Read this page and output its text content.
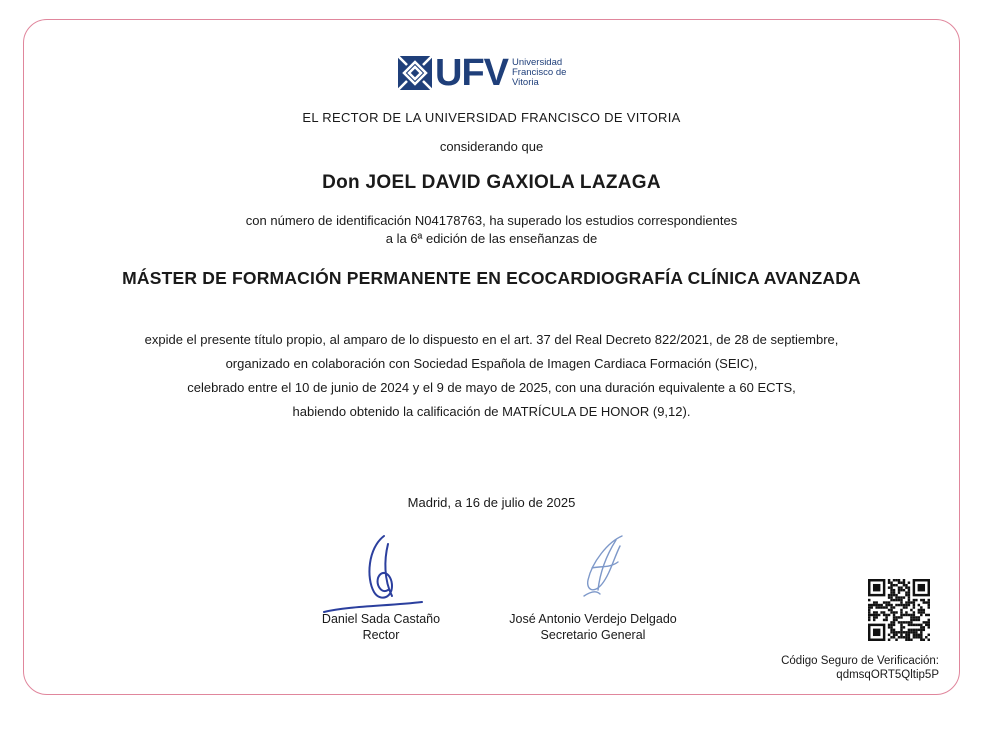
UFV Universidad
Francisco de
Vitoria
EL RECTOR DE LA UNIVERSIDAD FRANCISCO DE VITORIA
considerando que
Don JOEL DAVID GAXIOLA LAZAGA
con número de identificación N04178763, ha superado los estudios correspondientes
a la 6ª edición de las enseñanzas de
MÁSTER DE FORMACIÓN PERMANENTE EN ECOCARDIOGRAFÍA CLÍNICA AVANZADA
expide el presente título propio, al amparo de lo dispuesto en el art. 37 del Real Decreto 822/2021, de 28 de septiembre,
organizado en colaboración con Sociedad Española de Imagen Cardiaca Formación (SEIC),
celebrado entre el 10 de junio de 2024 y el 9 de mayo de 2025, con una duración equivalente a 60 ECTS,
habiendo obtenido la calificación de MATRÍCULA DE HONOR (9,12).
Madrid, a 16 de julio de 2025
Daniel Sada Castaño
Rector
José Antonio Verdejo Delgado
Secretario General
Código Seguro de Verificación:
qdmsqORT5Qltip5P
